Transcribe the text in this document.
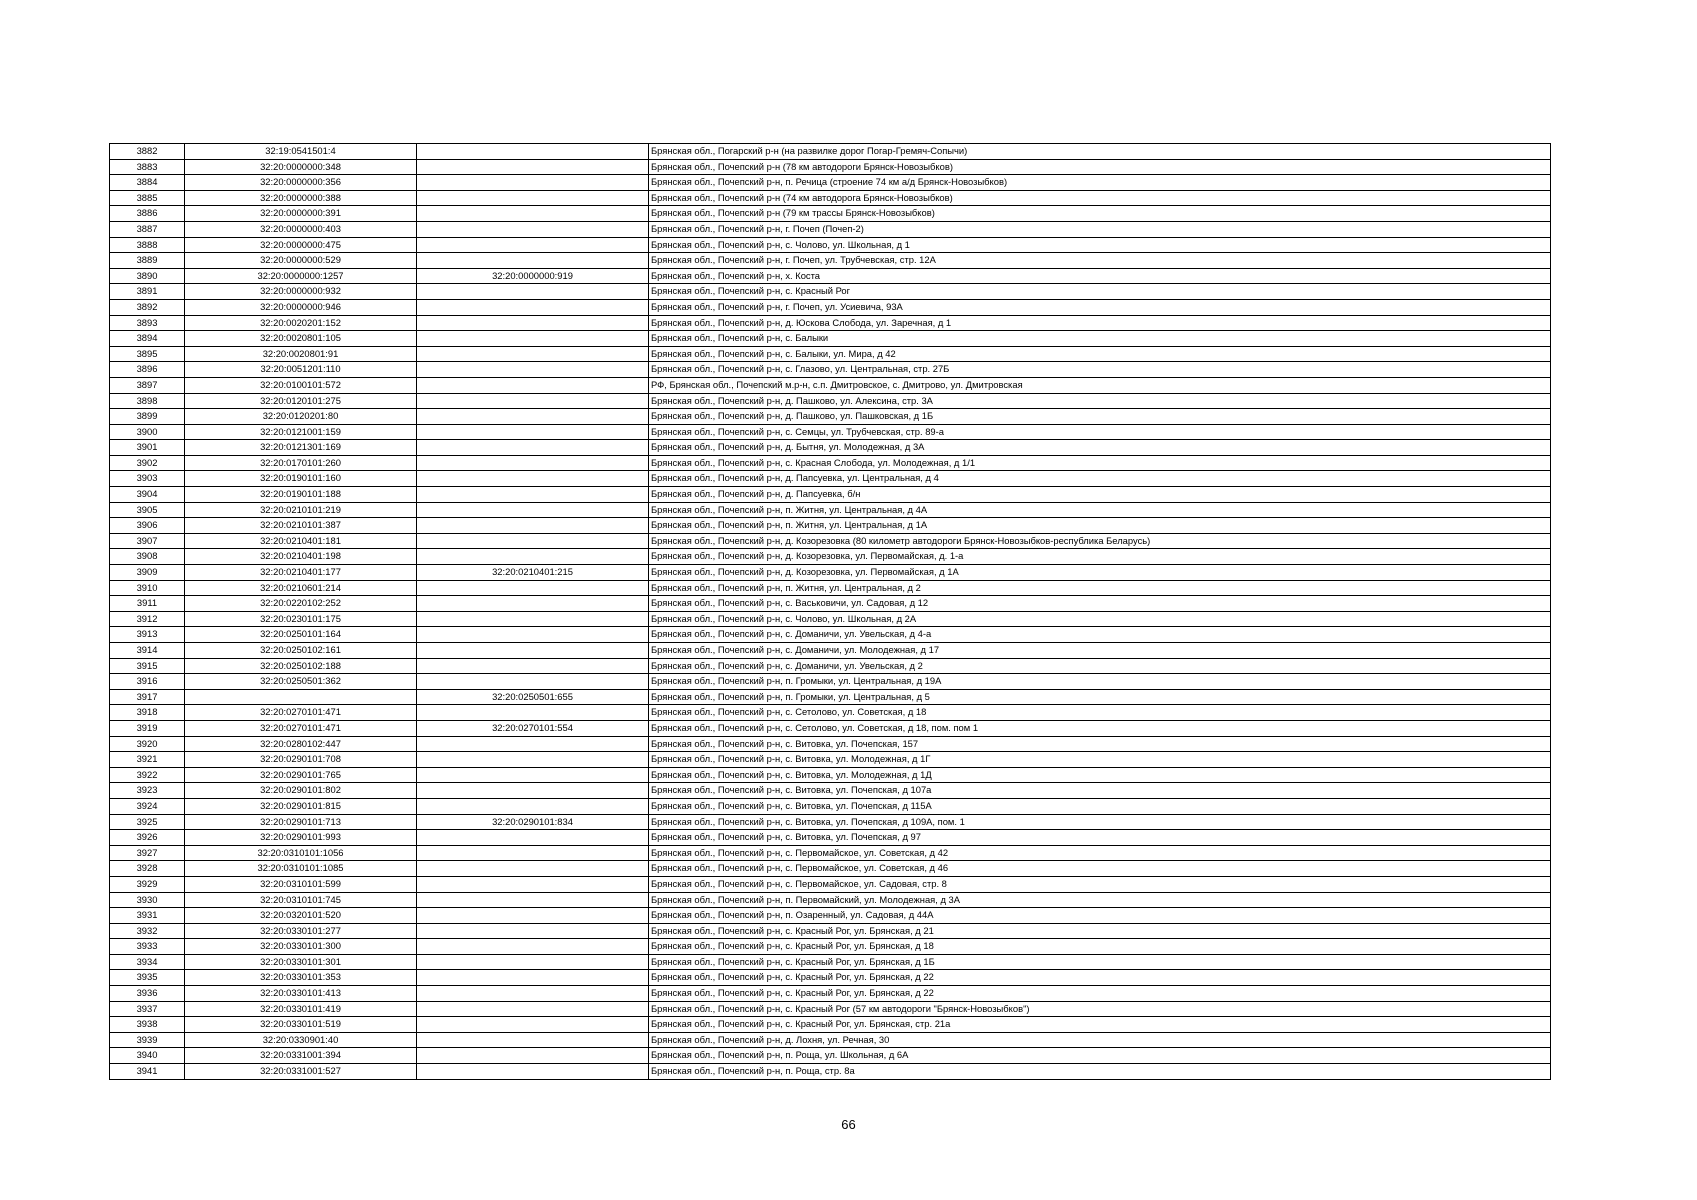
3882	32:19:0541501:4		Брянская обл., Погарский р-н (на развилке дорог Погар-Гремяч-Сопычи)
3883	32:20:0000000:348		Брянская обл., Почепский р-н (78 км автодороги Брянск-Новозыбков)
3884	32:20:0000000:356		Брянская обл., Почепский р-н, п. Речица (строение 74 км а/д Брянск-Новозыбков)
3885	32:20:0000000:388		Брянская обл., Почепский р-н (74 км автодорога Брянск-Новозыбков)
3886	32:20:0000000:391		Брянская обл., Почепский р-н (79 км трассы Брянск-Новозыбков)
3887	32:20:0000000:403		Брянская обл., Почепский р-н, г. Почеп (Почеп-2)
3888	32:20:0000000:475		Брянская обл., Почепский р-н, с. Чолово, ул. Школьная, д 1
3889	32:20:0000000:529		Брянская обл., Почепский р-н, г. Почеп, ул. Трубчевская, стр. 12А
3890	32:20:0000000:1257	32:20:0000000:919	Брянская обл., Почепский р-н, х. Коста
3891	32:20:0000000:932		Брянская обл., Почепский р-н, с. Красный Рог
3892	32:20:0000000:946		Брянская обл., Почепский р-н, г. Почеп, ул. Усиевича, 93А
3893	32:20:0020201:152		Брянская обл., Почепский р-н, д. Юскова Слобода, ул. Заречная, д 1
3894	32:20:0020801:105		Брянская обл., Почепский р-н, с. Балыки
3895	32:20:0020801:91		Брянская обл., Почепский р-н, с. Балыки, ул. Мира, д 42
3896	32:20:0051201:110		Брянская обл., Почепский р-н, с. Глазово, ул. Центральная, стр. 27Б
3897	32:20:0100101:572		РФ, Брянская обл., Почепский м.р-н, с.п. Дмитровское, с. Дмитрово, ул. Дмитровская
3898	32:20:0120101:275		Брянская обл., Почепский р-н, д. Пашково, ул. Алексина, стр. 3А
3899	32:20:0120201:80		Брянская обл., Почепский р-н, д. Пашково, ул. Пашковская, д 1Б
3900	32:20:0121001:159		Брянская обл., Почепский р-н, с. Семцы, ул. Трубчевская, стр. 89-а
3901	32:20:0121301:169		Брянская обл., Почепский р-н, д. Бытня, ул. Молодежная, д 3А
3902	32:20:0170101:260		Брянская обл., Почепский р-н, с. Красная Слобода, ул. Молодежная, д 1/1
3903	32:20:0190101:160		Брянская обл., Почепский р-н, д. Папсуевка, ул. Центральная, д 4
3904	32:20:0190101:188		Брянская обл., Почепский р-н, д. Папсуевка, б/н
3905	32:20:0210101:219		Брянская обл., Почепский р-н, п. Житня, ул. Центральная, д 4А
3906	32:20:0210101:387		Брянская обл., Почепский р-н, п. Житня, ул. Центральная, д 1А
3907	32:20:0210401:181		Брянская обл., Почепский р-н, д. Козорезовка (80 километр автодороги Брянск-Новозыбков-республика Беларусь)
3908	32:20:0210401:198		Брянская обл., Почепский р-н, д. Козорезовка, ул. Первомайская, д. 1-а
3909	32:20:0210401:177	32:20:0210401:215	Брянская обл., Почепский р-н, д. Козорезовка, ул. Первомайская, д 1А
3910	32:20:0210601:214		Брянская обл., Почепский р-н, п. Житня, ул. Центральная, д 2
3911	32:20:0220102:252		Брянская обл., Почепский р-н, с. Васьковичи, ул. Садовая, д 12
3912	32:20:0230101:175		Брянская обл., Почепский р-н, с. Чолово, ул. Школьная, д 2А
3913	32:20:0250101:164		Брянская обл., Почепский р-н, с. Доманичи, ул. Увельская, д 4-а
3914	32:20:0250102:161		Брянская обл., Почепский р-н, с. Доманичи, ул. Молодежная, д 17
3915	32:20:0250102:188		Брянская обл., Почепский р-н, с. Доманичи, ул. Увельская, д 2
3916	32:20:0250501:362		Брянская обл., Почепский р-н, п. Громыки, ул. Центральная, д 19А
3917		32:20:0250501:655	Брянская обл., Почепский р-н, п. Громыки, ул. Центральная, д 5
3918	32:20:0270101:471		Брянская обл., Почепский р-н, с. Сетолово, ул. Советская, д 18
3919	32:20:0270101:471	32:20:0270101:554	Брянская обл., Почепский р-н, с. Сетолово, ул. Советская, д 18, пом. пом 1
3920	32:20:0280102:447		Брянская обл., Почепский р-н, с. Витовка, ул. Почепская, 157
3921	32:20:0290101:708		Брянская обл., Почепский р-н, с. Витовка, ул. Молодежная, д 1Г
3922	32:20:0290101:765		Брянская обл., Почепский р-н, с. Витовка, ул. Молодежная, д 1Д
3923	32:20:0290101:802		Брянская обл., Почепский р-н, с. Витовка, ул. Почепская, д 107а
3924	32:20:0290101:815		Брянская обл., Почепский р-н, с. Витовка, ул. Почепская, д 115А
3925	32:20:0290101:713	32:20:0290101:834	Брянская обл., Почепский р-н, с. Витовка, ул. Почепская, д 109А, пом. 1
3926	32:20:0290101:993		Брянская обл., Почепский р-н, с. Витовка, ул. Почепская, д 97
3927	32:20:0310101:1056		Брянская обл., Почепский р-н, с. Первомайское, ул. Советская, д 42
3928	32:20:0310101:1085		Брянская обл., Почепский р-н, с. Первомайское, ул. Советская, д 46
3929	32:20:0310101:599		Брянская обл., Почепский р-н, с. Первомайское, ул. Садовая, стр. 8
3930	32:20:0310101:745		Брянская обл., Почепский р-н, п. Первомайский, ул. Молодежная, д 3А
3931	32:20:0320101:520		Брянская обл., Почепский р-н, п. Озаренный, ул. Садовая, д 44А
3932	32:20:0330101:277		Брянская обл., Почепский р-н, с. Красный Рог, ул. Брянская, д 21
3933	32:20:0330101:300		Брянская обл., Почепский р-н, с. Красный Рог, ул. Брянская, д 18
3934	32:20:0330101:301		Брянская обл., Почепский р-н, с. Красный Рог, ул. Брянская, д 1Б
3935	32:20:0330101:353		Брянская обл., Почепский р-н, с. Красный Рог, ул. Брянская, д 22
3936	32:20:0330101:413		Брянская обл., Почепский р-н, с. Красный Рог, ул. Брянская, д 22
3937	32:20:0330101:419		Брянская обл., Почепский р-н, с. Красный Рог (57 км автодороги "Брянск-Новозыбков")
3938	32:20:0330101:519		Брянская обл., Почепский р-н, с. Красный Рог, ул. Брянская, стр. 21а
3939	32:20:0330901:40		Брянская обл., Почепский р-н, д. Лохня, ул. Речная, 30
3940	32:20:0331001:394		Брянская обл., Почепский р-н, п. Роща, ул. Школьная, д 6А
3941	32:20:0331001:527		Брянская обл., Почепский р-н, п. Роща, стр. 8а
66
